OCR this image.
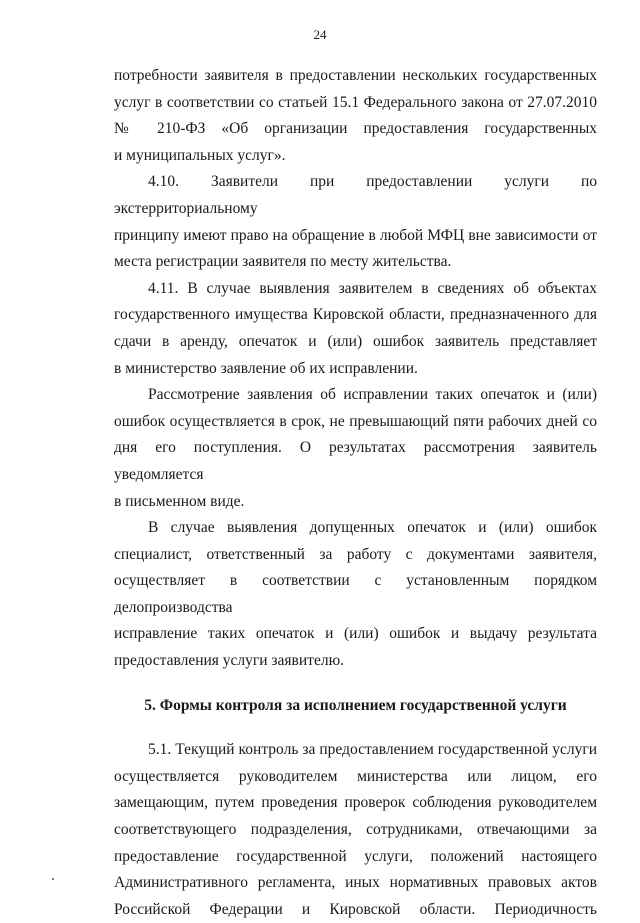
24
потребности заявителя в предоставлении нескольких государственных
услуг в соответствии со статьей 15.1 Федерального закона от 27.07.2010
№ 210-ФЗ «Об организации предоставления государственных
и муниципальных услуг».
4.10. Заявители при предоставлении услуги по экстерриториальному
принципу имеют право на обращение в любой МФЦ вне зависимости от
места регистрации заявителя по месту жительства.
4.11. В случае выявления заявителем в сведениях об объектах
государственного имущества Кировской области, предназначенного для
сдачи в аренду, опечаток и (или) ошибок заявитель представляет
в министерство заявление об их исправлении.
Рассмотрение заявления об исправлении таких опечаток и (или)
ошибок осуществляется в срок, не превышающий пяти рабочих дней со
дня его поступления. О результатах рассмотрения заявитель уведомляется
в письменном виде.
В случае выявления допущенных опечаток и (или) ошибок
специалист, ответственный за работу с документами заявителя,
осуществляет в соответствии с установленным порядком делопроизводства
исправление таких опечаток и (или) ошибок и выдачу результата
предоставления услуги заявителю.
5. Формы контроля за исполнением государственной услуги
5.1. Текущий контроль за предоставлением государственной услуги
осуществляется руководителем министерства или лицом, его
замещающим, путем проведения проверок соблюдения руководителем
соответствующего подразделения, сотрудниками, отвечающими за
предоставление государственной услуги, положений настоящего
Административного регламента, иных нормативных правовых актов
Российской Федерации и Кировской области. Периодичность
